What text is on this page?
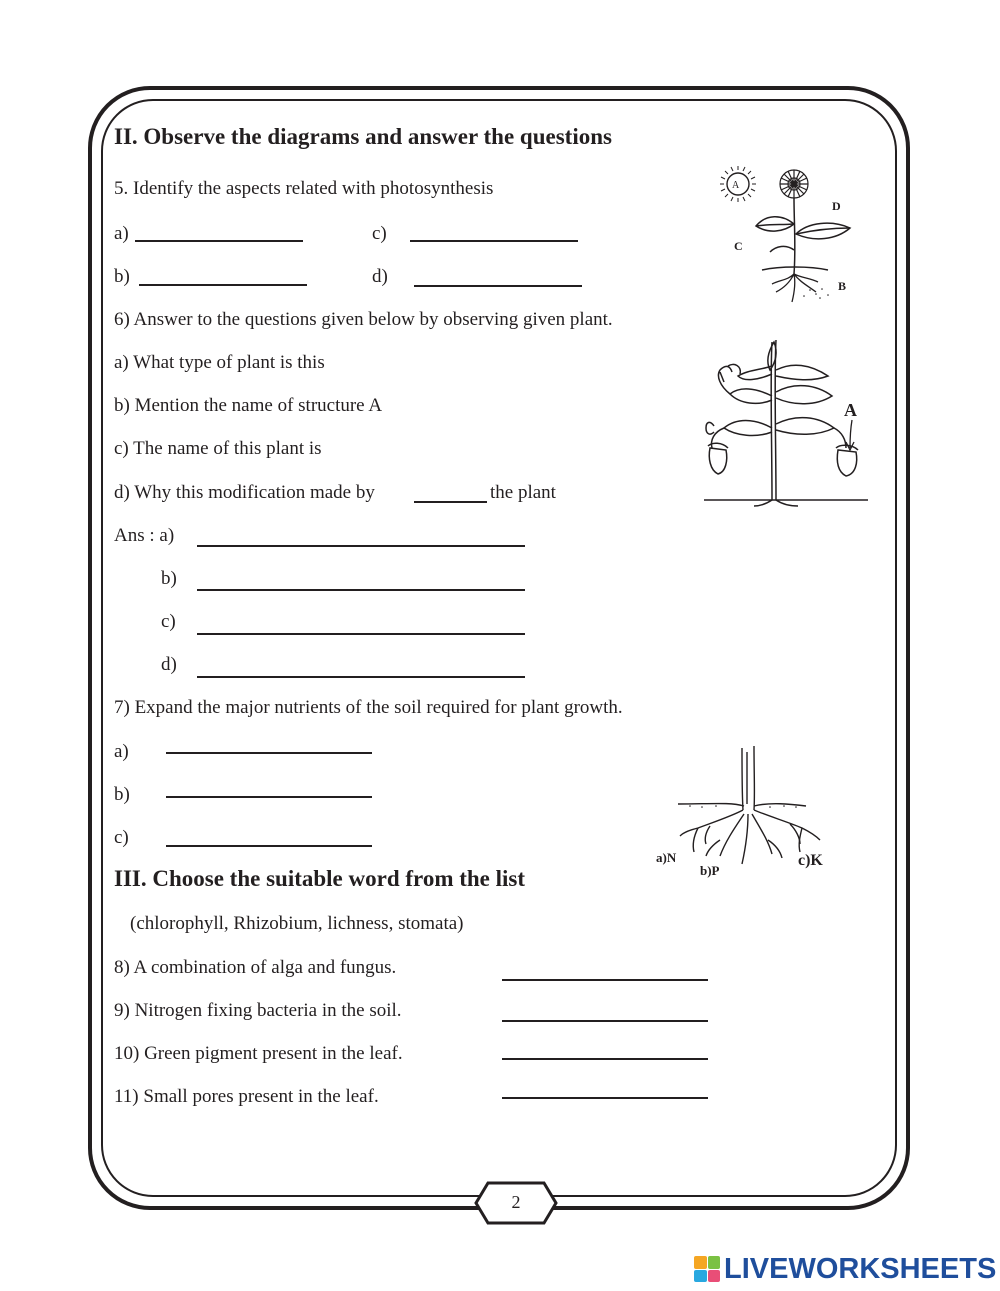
II. Observe the diagrams and answer the questions
5. Identify the aspects related with photosynthesis
a)	c)
b)	d)
A
C
D
B
6) Answer to the questions given below by observing given plant.
a) What type of plant is this
b) Mention the name of structure A
c) The name of this plant is
d) Why this modification made by	the plant
A
Ans : a)
b)
c)
d)
7) Expand the major nutrients of the soil required for plant growth.
a)
b)
c)
a)N
b)P
c)K
III. Choose the suitable word from the list
(chlorophyll, Rhizobium, lichness, stomata)
8) A combination of alga and fungus.
9) Nitrogen fixing bacteria in the soil.
10) Green pigment present in the leaf.
11) Small pores present in the leaf.
2
LIVEWORKSHEETS
